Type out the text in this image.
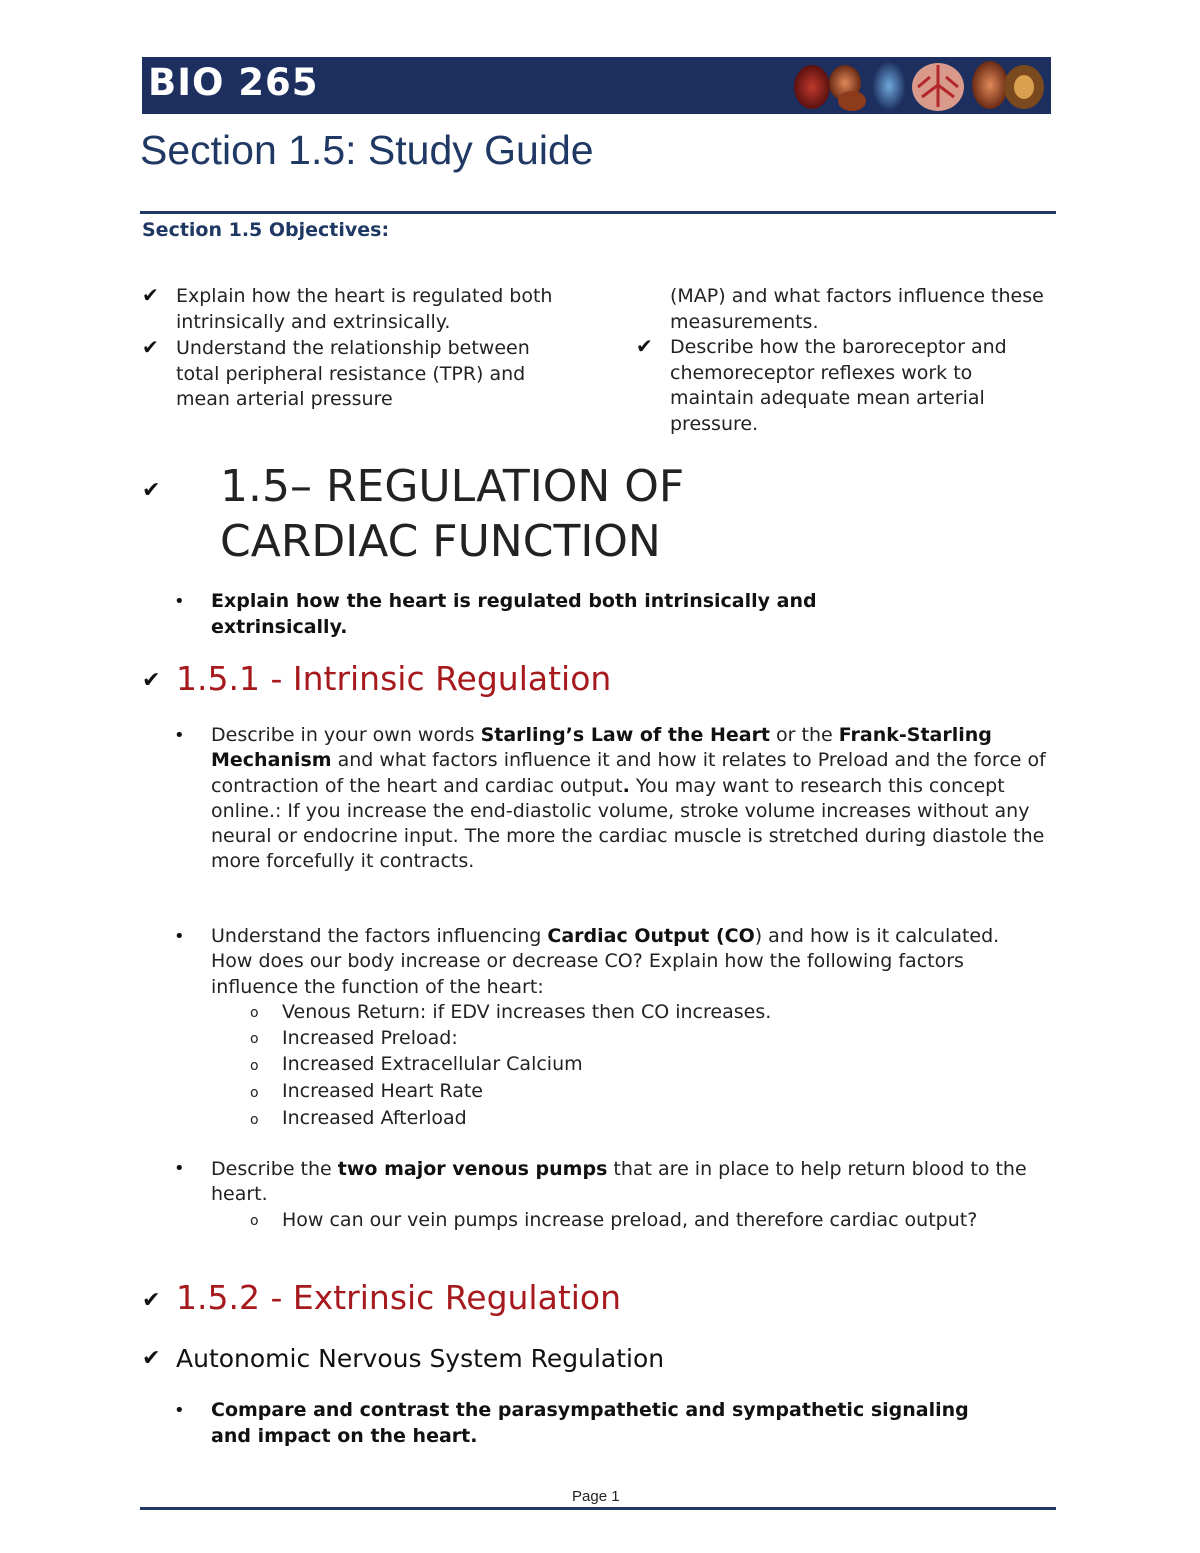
BIO 265
Section 1.5: Study Guide
Section 1.5 Objectives:
✔ Explain how the heart is regulated both intrinsically and extrinsically.
✔ Understand the relationship between total peripheral resistance (TPR) and mean arterial pressure
(MAP) and what factors influence these measurements.
✔ Describe how the baroreceptor and chemoreceptor reflexes work to maintain adequate mean arterial pressure.
✔ 1.5– REGULATION OF
CARDIAC FUNCTION
• Explain how the heart is regulated both intrinsically and extrinsically.
✔ 1.5.1 - Intrinsic Regulation
• Describe in your own words Starling’s Law of the Heart or the Frank-Starling Mechanism and what factors influence it and how it relates to Preload and the force of contraction of the heart and cardiac output. You may want to research this concept online.: If you increase the end-diastolic volume, stroke volume increases without any neural or endocrine input. The more the cardiac muscle is stretched during diastole the more forcefully it contracts.
• Understand the factors influencing Cardiac Output (CO) and how is it calculated. How does our body increase or decrease CO? Explain how the following factors influence the function of the heart:
o Venous Return: if EDV increases then CO increases.
o Increased Preload:
o Increased Extracellular Calcium
o Increased Heart Rate
o Increased Afterload
• Describe the two major venous pumps that are in place to help return blood to the heart.
o How can our vein pumps increase preload, and therefore cardiac output?
✔ 1.5.2 - Extrinsic Regulation
✔ Autonomic Nervous System Regulation
• Compare and contrast the parasympathetic and sympathetic signaling and impact on the heart.
Page 1
